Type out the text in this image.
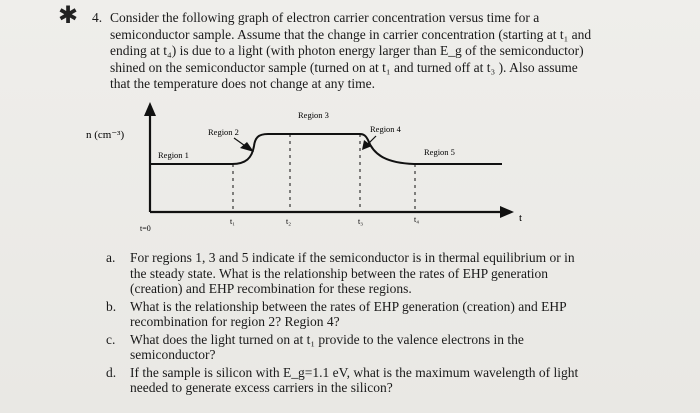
✱ 4. Consider the following graph of electron carrier concentration versus time for a

semiconductor sample. Assume that the change in carrier concentration (starting at t₁ and

ending at t₄) is due to a light (with photon energy larger than E_g of the semiconductor)

shined on the semiconductor sample (turned on at t₁ and turned off at t₃ ). Also assume

that the temperature does not change at any time.

n (cm⁻³)
t
Region 1
Region 2
Region 3
Region 4
Region 5
t=0
t₁	t₂	t₃	t₄
a.	For regions 1, 3 and 5 indicate if the semiconductor is in thermal equilibrium or in
the steady state. What is the relationship between the rates of EHP generation
(creation) and EHP recombination for these regions.
b.	What is the relationship between the rates of EHP generation (creation) and EHP
recombination for region 2? Region 4?
c.	What does the light turned on at t₁ provide to the valence electrons in the
semiconductor?
d.	If the sample is silicon with E_g=1.1 eV, what is the maximum wavelength of light
needed to generate excess carriers in the silicon?
